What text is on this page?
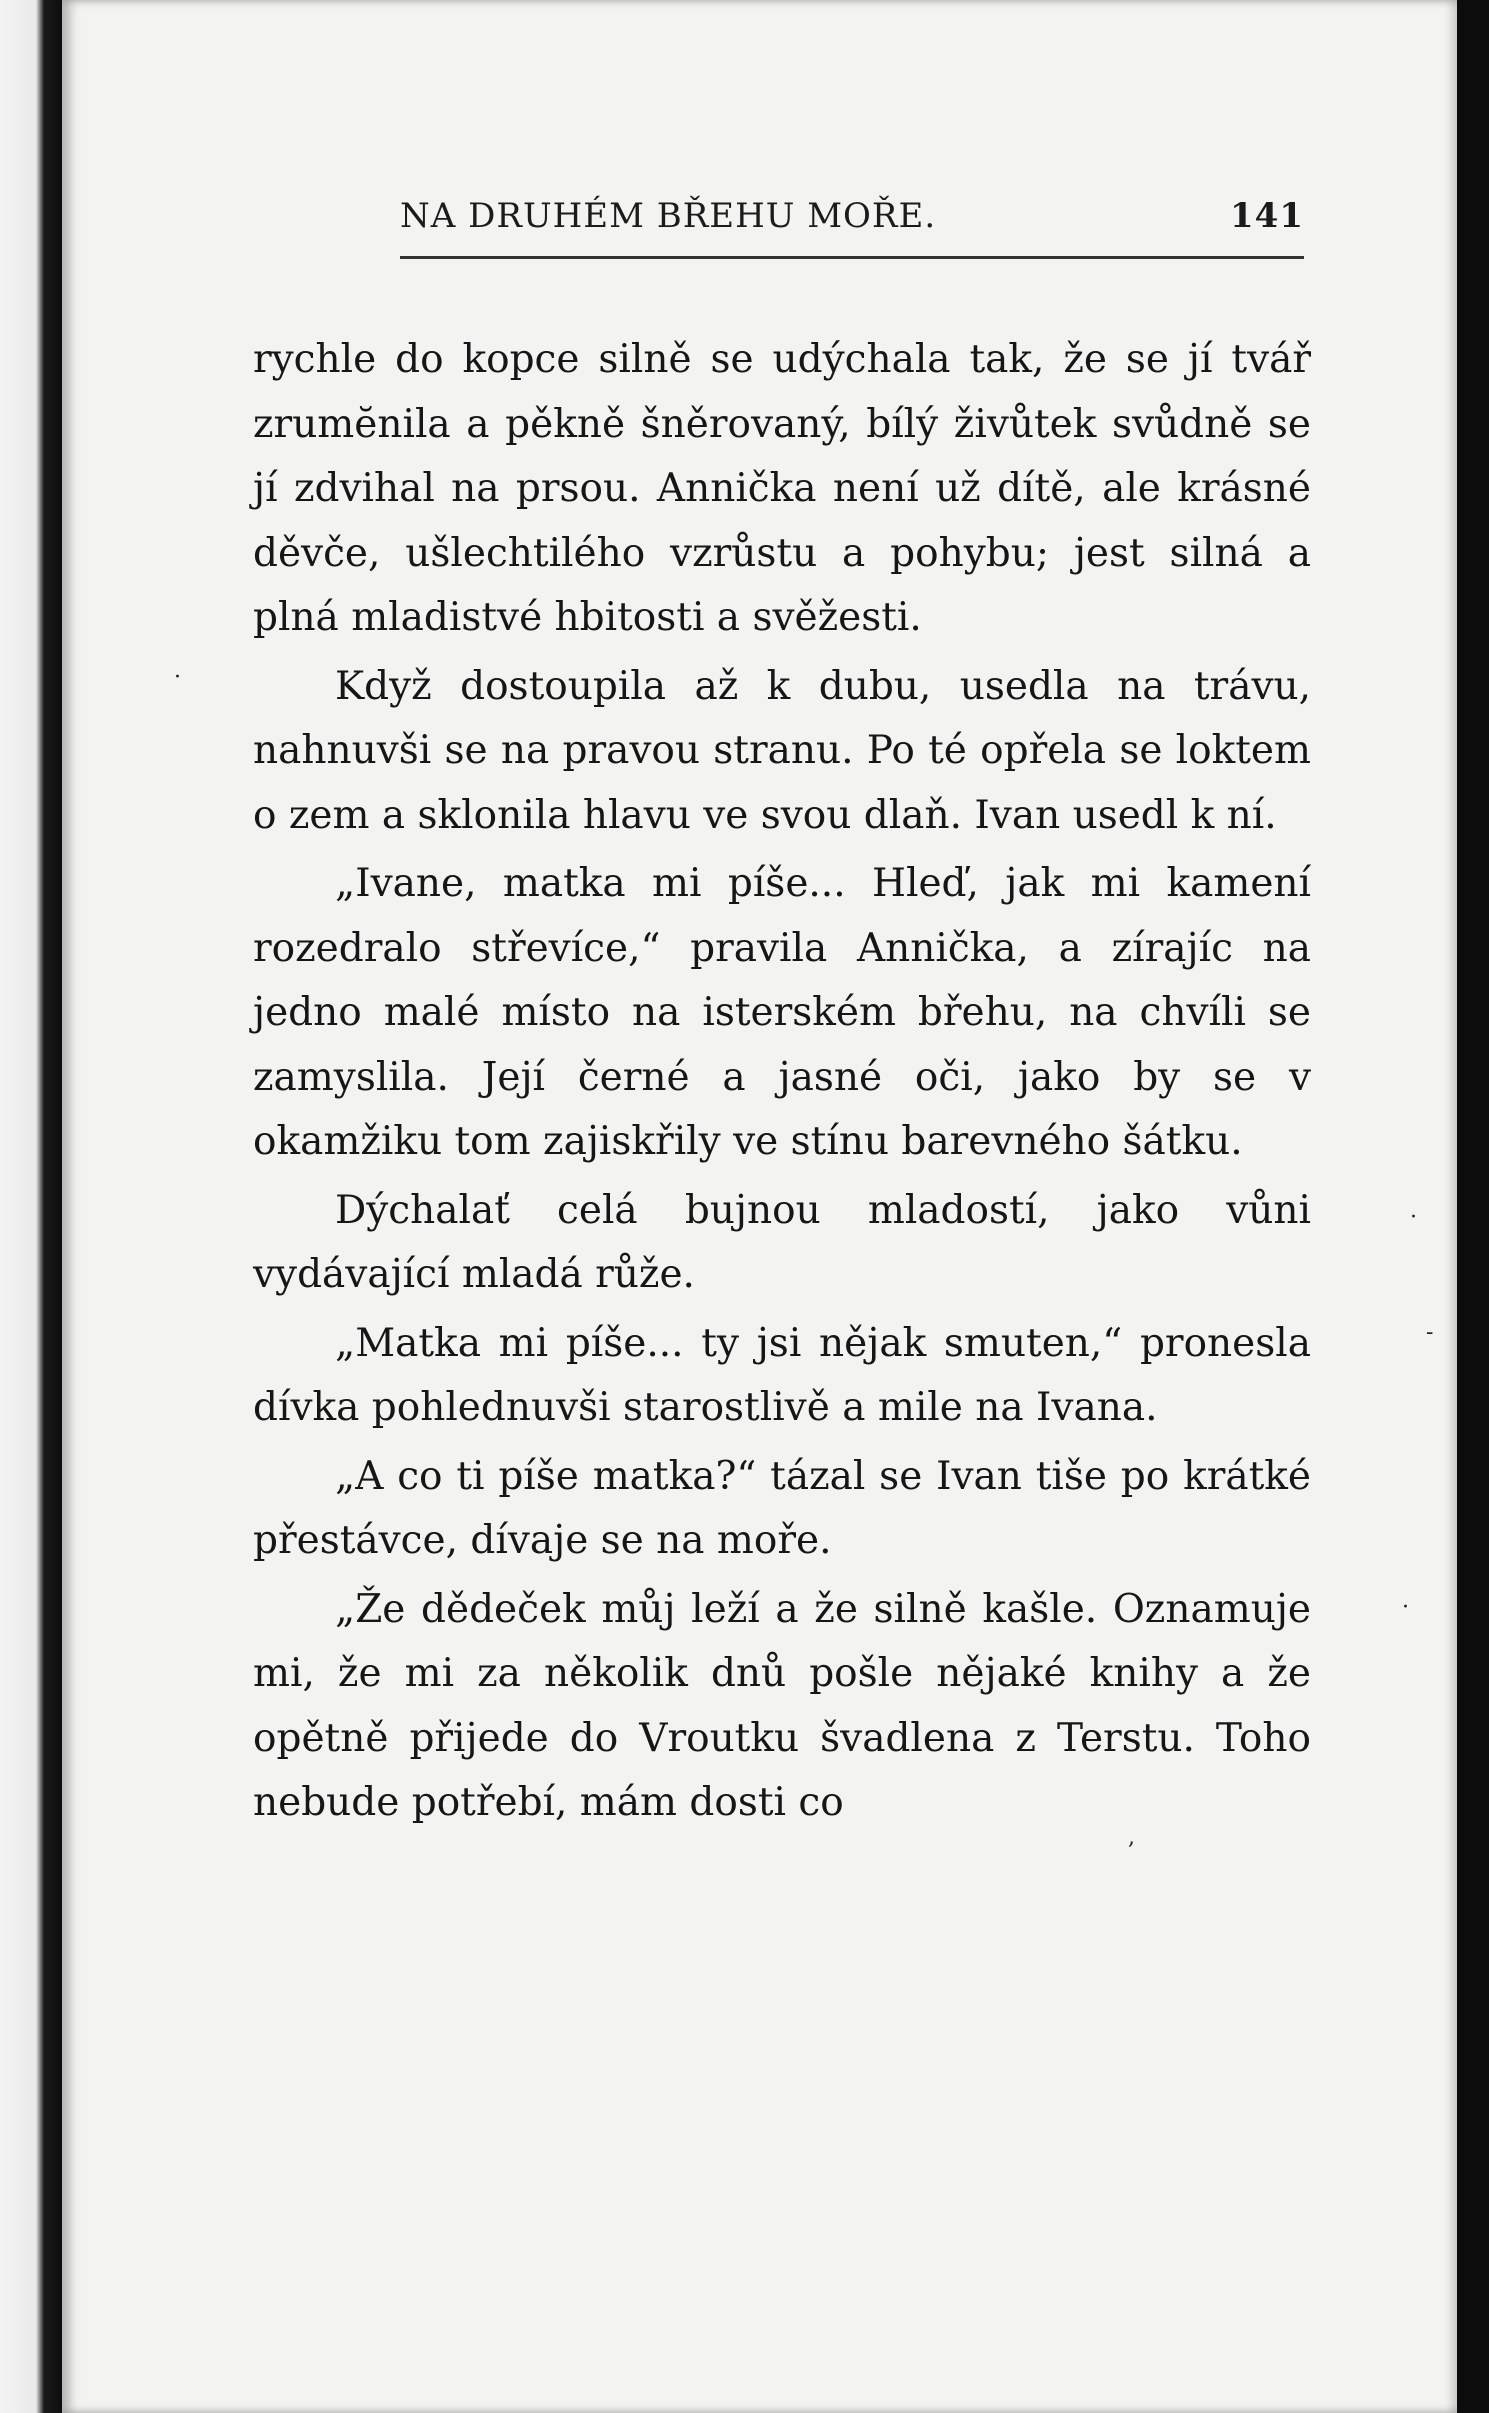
NA DRUHÉM BŘEHU MOŘE.	141

rychle do kopce silně se udýchala tak, že se jí tvář zrumĕnila a pěkně šněrovaný, bílý živůtek svůdně se jí zdvihal na prsou. Annička není už dítě, ale krásné děvče, ušlechtilého vzrůstu a pohybu; jest silná a plná mladistvé hbitosti a svěžesti.

Když dostoupila až k dubu, usedla na trávu, nahnuvši se na pravou stranu. Po té opřela se loktem o zem a sklonila hlavu ve svou dlaň. Ivan usedl k ní.

„Ivane, matka mi píše... Hleď, jak mi kamení rozedralo střevíce,“ pravila Annička, a zírajíc na jedno malé místo na isterském břehu, na chvíli se zamyslila. Její černé a jasné oči, jako by se v okamžiku tom zajiskřily ve stínu barevného šátku.

Dýchalať celá bujnou mladostí, jako vůni vydávající mladá růže.

„Matka mi píše... ty jsi nějak smuten,“ pronesla dívka pohlednuvši starostlivě a mile na Ivana.

„A co ti píše matka?“ tázal se Ivan tiše po krátké přestávce, dívaje se na moře.

„Že dědeček můj leží a že silně kašle. Oznamuje mi, že mi za několik dnů pošle nějaké knihy a že opětně přijede do Vroutku švadlena z Terstu. Toho nebude potřebí, mám dosti co

·
·
·
-
,
